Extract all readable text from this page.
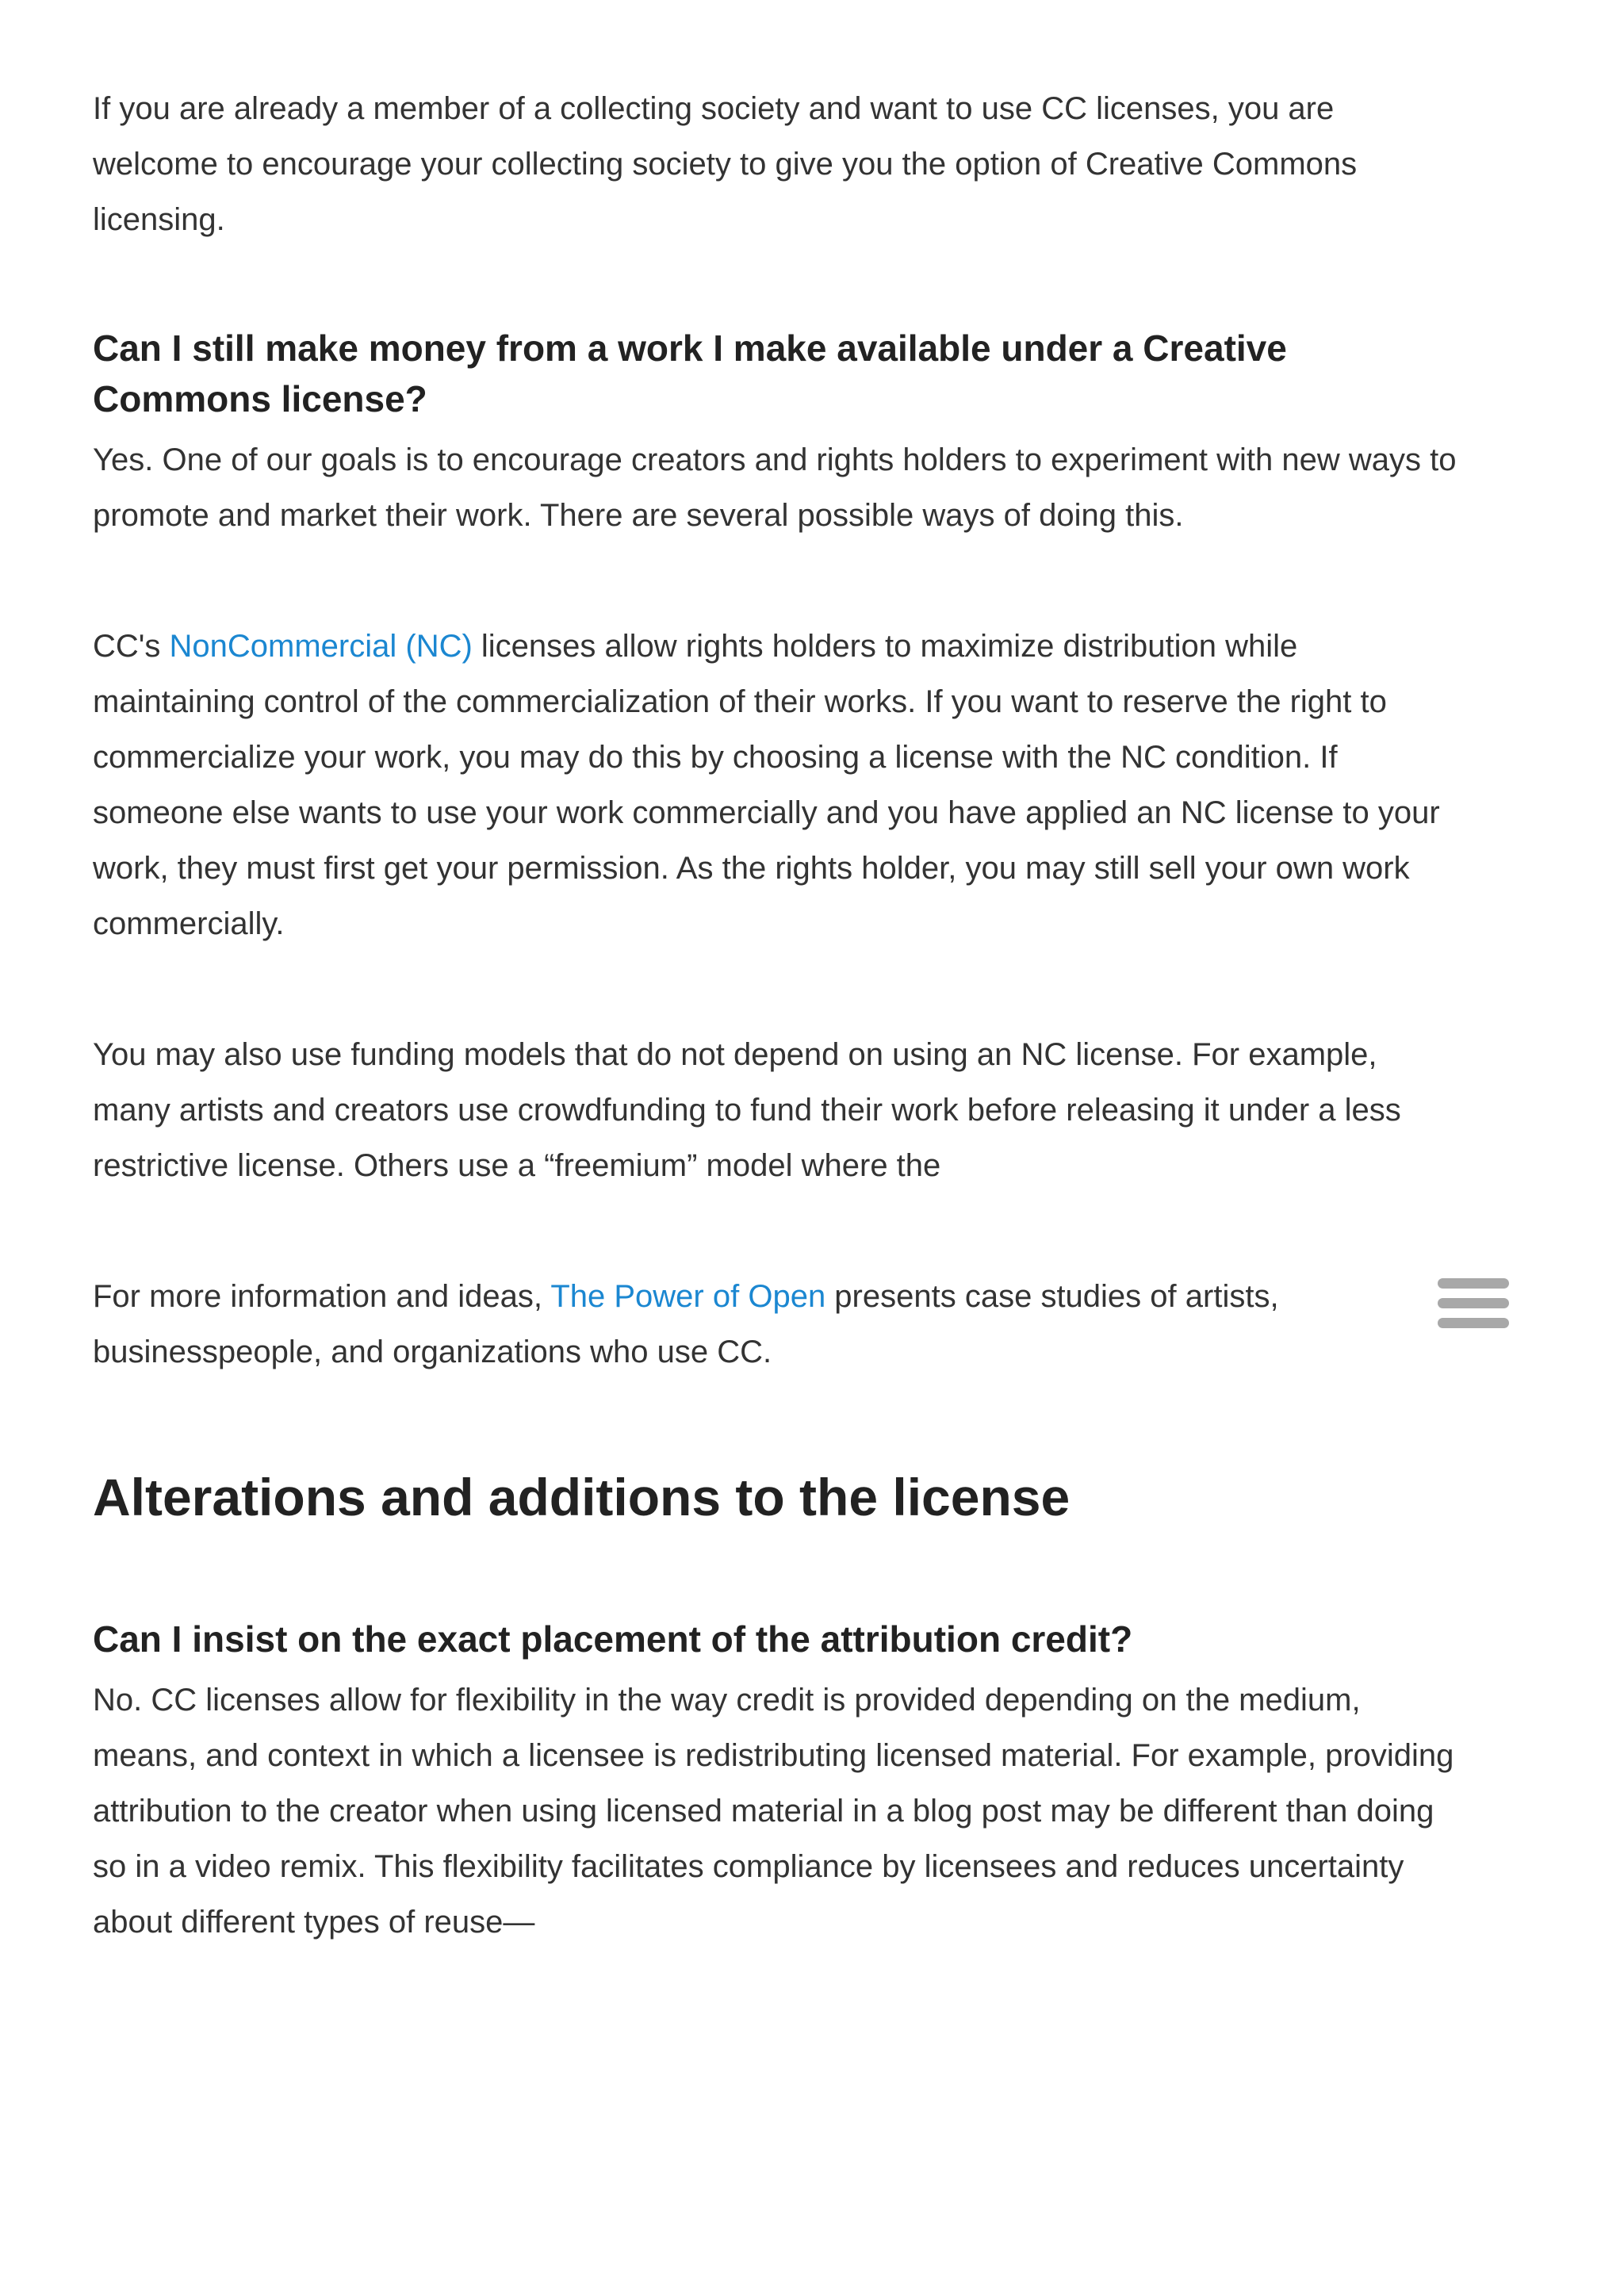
If you are already a member of a collecting society and want to use CC licenses, you are welcome to encourage your collecting society to give you the option of Creative Commons licensing.

Can I still make money from a work I make available under a Creative Commons license?

Yes. One of our goals is to encourage creators and rights holders to experiment with new ways to promote and market their work. There are several possible ways of doing this.

CC's NonCommercial (NC) licenses allow rights holders to maximize distribution while maintaining control of the commercialization of their works. If you want to reserve the right to commercialize your work, you may do this by choosing a license with the NC condition. If someone else wants to use your work commercially and you have applied an NC license to your work, they must first get your permission. As the rights holder, you may still sell your own work commercially.

You may also use funding models that do not depend on using an NC license. For example, many artists and creators use crowdfunding to fund their work before releasing it under a less restrictive license. Others use a “freemium” model where the

For more information and ideas, The Power of Open presents case studies of artists, businesspeople, and organizations who use CC.

Alterations and additions to the license
Can I insist on the exact placement of the attribution credit?

No. CC licenses allow for flexibility in the way credit is provided depending on the medium, means, and context in which a licensee is redistributing licensed material. For example, providing attribution to the creator when using licensed material in a blog post may be different than doing so in a video remix. This flexibility facilitates compliance by licensees and reduces uncertainty about different types of reuse—
